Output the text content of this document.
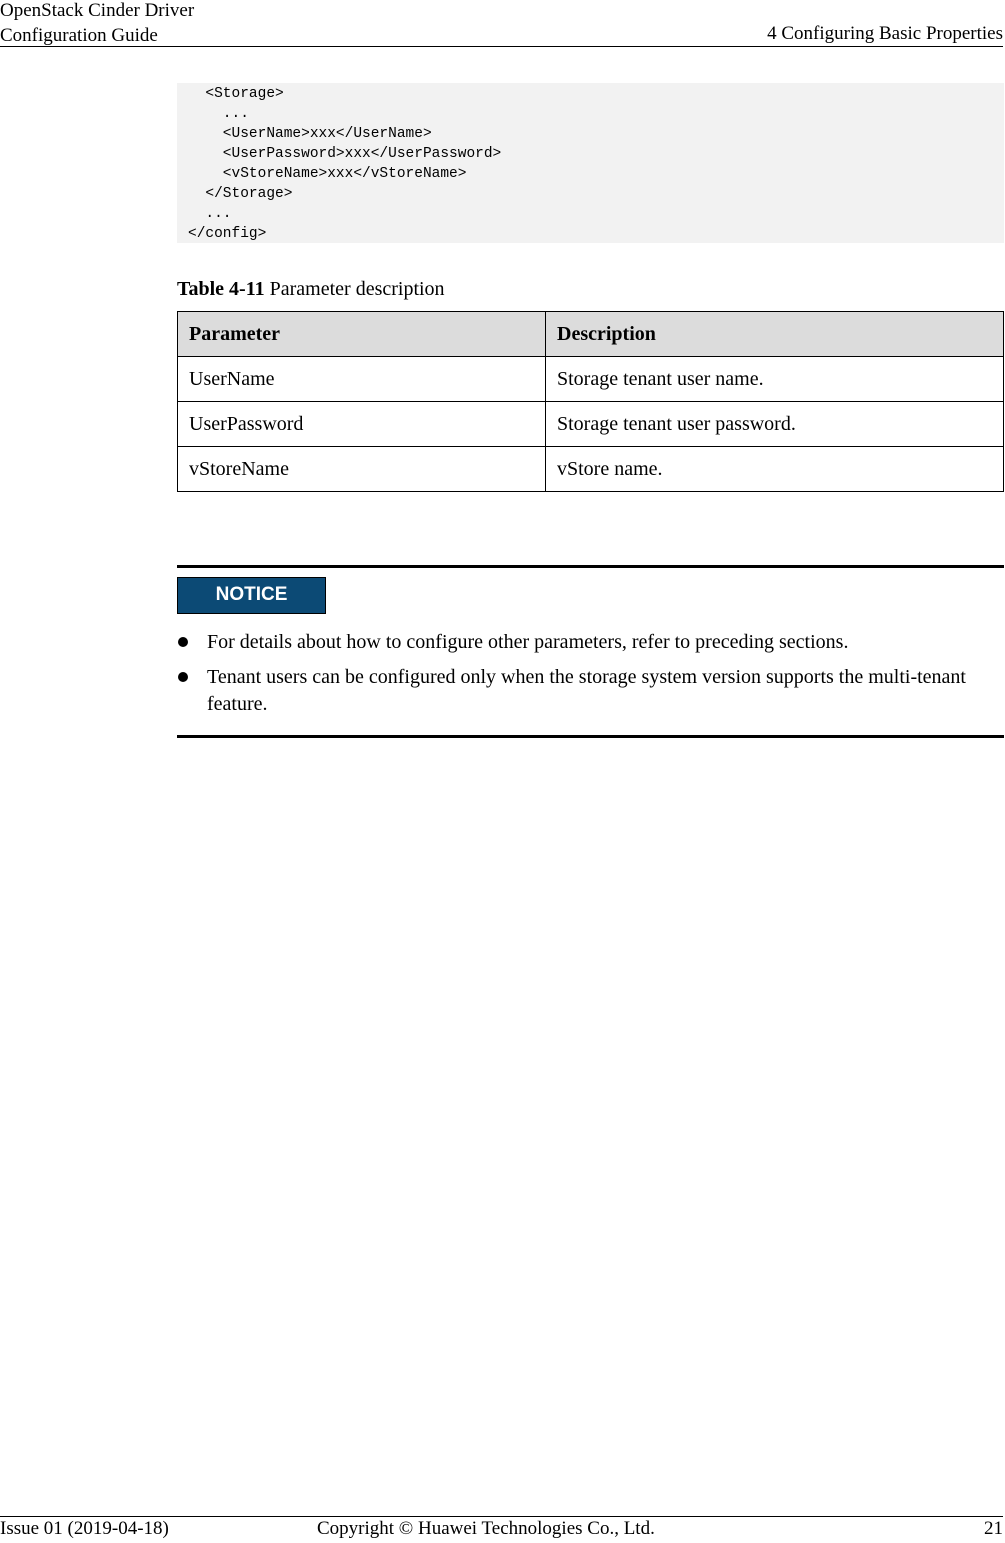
OpenStack Cinder Driver
Configuration Guide	4 Configuring Basic Properties
<Storage>
...
<UserName>xxx</UserName>
<UserPassword>xxx</UserPassword>
<vStoreName>xxx</vStoreName>
</Storage>
...
</config>
Table 4-11 Parameter description
Parameter	Description
UserName	Storage tenant user name.
UserPassword	Storage tenant user password.
vStoreName	vStore name.
NOTICE
For details about how to configure other parameters, refer to preceding sections.
Tenant users can be configured only when the storage system version supports the multi-tenant feature.
Issue 01 (2019-04-18)	Copyright © Huawei Technologies Co., Ltd.	21
